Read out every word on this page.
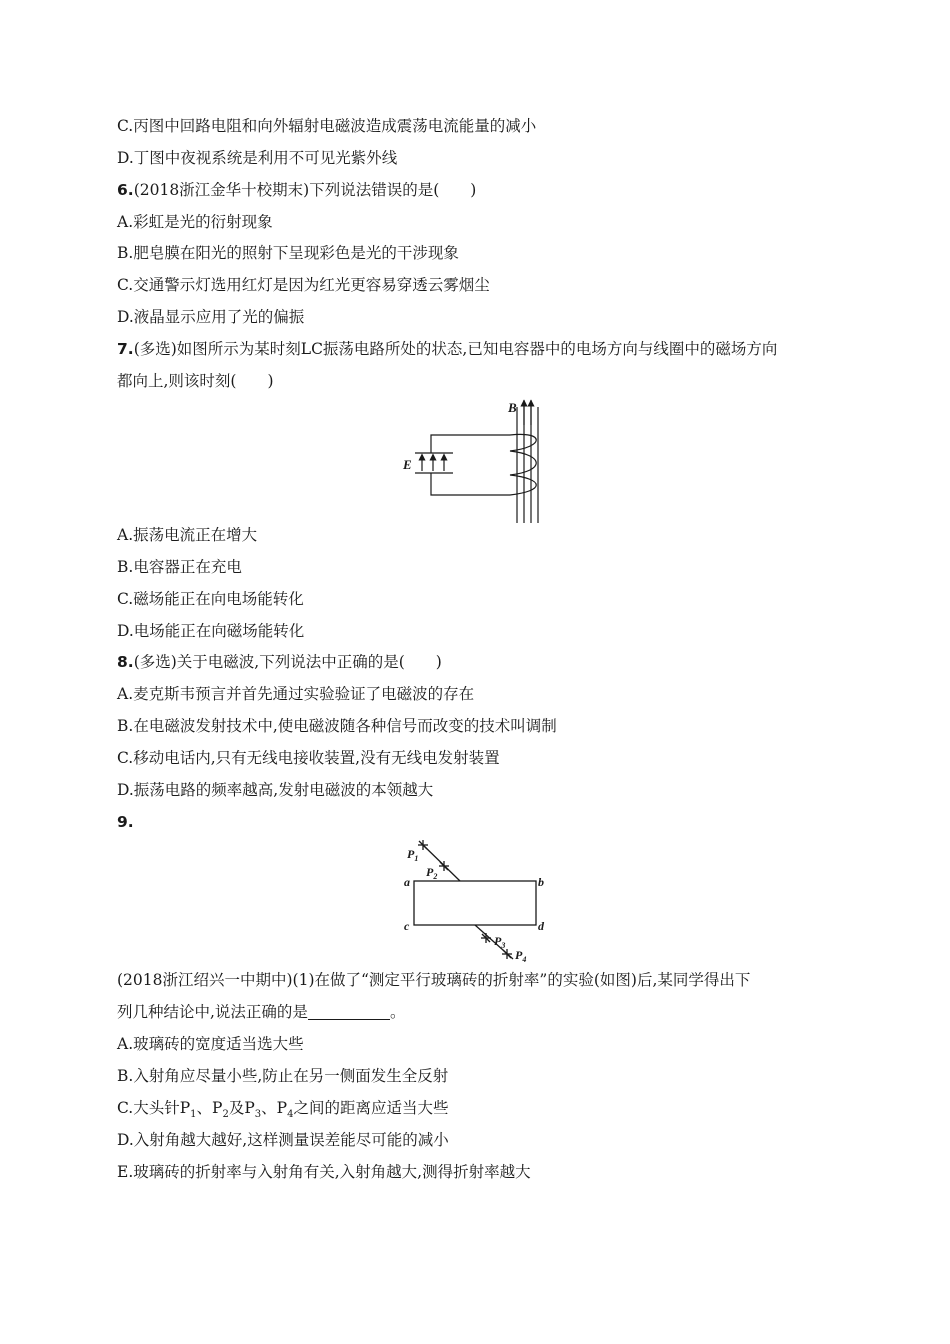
C.丙图中回路电阻和向外辐射电磁波造成震荡电流能量的减小
D.丁图中夜视系统是利用不可见光紫外线
6.(2018浙江金华十校期末)下列说法错误的是(　　)
A.彩虹是光的衍射现象
B.肥皂膜在阳光的照射下呈现彩色是光的干涉现象
C.交通警示灯选用红灯是因为红光更容易穿透云雾烟尘
D.液晶显示应用了光的偏振
7.(多选)如图所示为某时刻LC振荡电路所处的状态,已知电容器中的电场方向与线圈中的磁场方向
都向上,则该时刻(　　)
B
E
A.振荡电流正在增大
B.电容器正在充电
C.磁场能正在向电场能转化
D.电场能正在向磁场能转化
8.(多选)关于电磁波,下列说法中正确的是(　　)
A.麦克斯韦预言并首先通过实验验证了电磁波的存在
B.在电磁波发射技术中,使电磁波随各种信号而改变的技术叫调制
C.移动电话内,只有无线电接收装置,没有无线电发射装置
D.振荡电路的频率越高,发射电磁波的本领越大
9.
$P_1$
$P_2$
$P_3$
$P_4$
a	b
c	d
(2018浙江绍兴一中期中)(1)在做了“测定平行玻璃砖的折射率”的实验(如图)后,某同学得出下
列几种结论中,说法正确的是	。
A.玻璃砖的宽度适当选大些
B.入射角应尽量小些,防止在另一侧面发生全反射
C.大头针$P_1$、$P_2$及$P_3$、$P_4$之间的距离应适当大些
D.入射角越大越好,这样测量误差能尽可能的减小
E.玻璃砖的折射率与入射角有关,入射角越大,测得折射率越大
